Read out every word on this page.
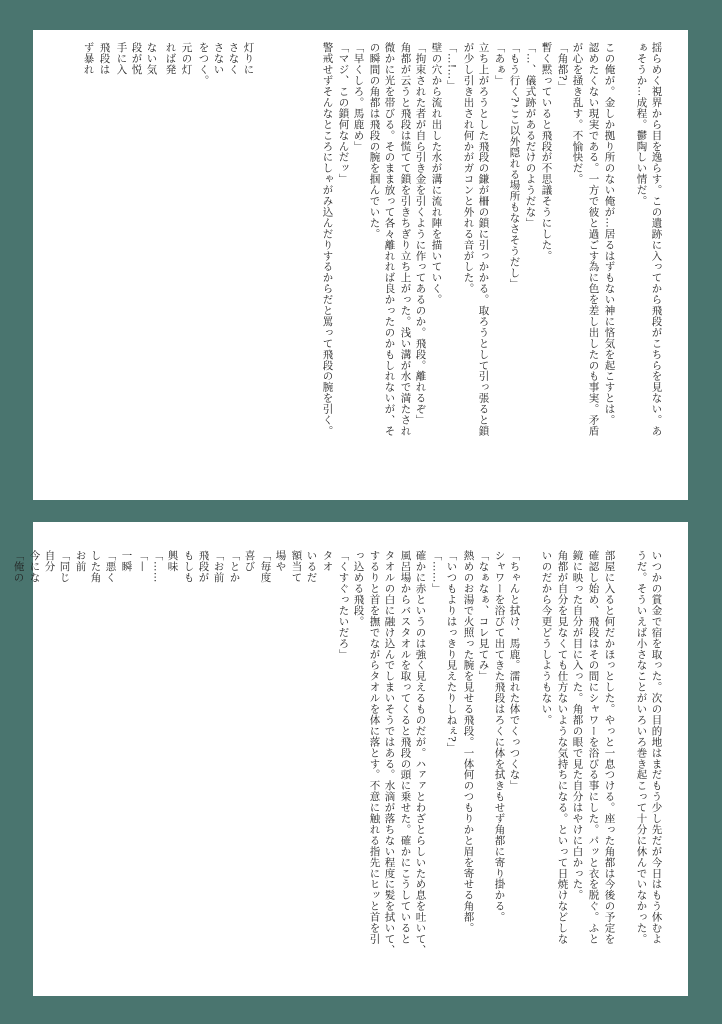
揺らめく視界から目を逸らす。この遺跡に入ってから飛段がこちらを見ない。あ
ぁそうか…成程。鬱陶しい情だ。
この俺が。金しか拠り所のない俺が…居るはずもない神に悋気を起こすとは。
認めたくない現実である。一方で彼と過ごす為に色を差し出したのも事実。矛盾
が心を掻き乱す。不愉快だ。
「角都?」
暫く黙っていると飛段が不思議そうにした。
「…、儀式跡があるだけのようだな」
「もう行く?ここ以外隠れる場所もなさそうだし」
「あぁ」
立ち上がろうとした飛段の鎌が柵の鎖に引っかかる。取ろうとして引っ張ると鎖
が少し引き出され何かがガコンと外れる音がした。
「…!…」
壁の穴から流れ出した水が溝に流れ陣を描いていく。
「拘束された者が自ら引き金を引くように作ってあるのか。飛段。離れるぞ」
角都が云うと飛段は慌てて鎖を引きちぎり立ち上がった。浅い溝が水で満たされ
微かに光を帯びる。そのまま放って各々離れれば良かったのかもしれないが、そ
の瞬間の角都は飛段の腕を掴んでいた。
「早くしろ。馬鹿め」
「マジ、この鎖何なんだッ」
警戒せずそんなところにしゃがみ込んだりするからだと罵って飛段の腕を引く。
灯りに
さなく
さない
をつく。
元の灯
れば発
ない気
段が悦
手に入
飛段は
ず暴れ
いつかの賞金で宿を取った。次の目的地はまだもう少し先だが今日はもう休むよ
うだ。そういえば小さなことがいろいろ巻き起こって十分に休んでいなかった。
部屋に入ると何だかほっとした。やっと一息つける。座った角都は今後の予定を
確認し始め、飛段はその間にシャワーを浴びる事にした。パッと衣を脱ぐ。ふと
鏡に映った自分が目に入った。角都の眼で見た自分はやけに白かった。
角都が自分を見なくても仕方ないような気持ちになる。といって日焼けなどしな
いのだから今更どうしようもない。
「ちゃんと拭け、馬鹿。濡れた体でくっつくな」
シャワーを浴びて出てきた飛段はろくに体を拭きもせず角都に寄り掛かる。
「なぁなぁ、コレ見てみ」
熱めのお湯で火照った腕を見せる飛段。一体何のつもりかと眉を寄せる角都。
「いつもよりはっきり見えたりしねぇ?」
「……」
確かに赤というのは強く見えるものだが。ハァァとわざとらしいため息を吐いて、
風呂場からバスタオルを取ってくると飛段の頭に乗せた。確かにこうしていると
タオルの白に融け込んでしまいそうではある。水滴が落ちない程度に髪を拭いて、
するりと首を撫でながらタオルを体に落とす。不意に触れる指先にヒッと首を引
っ込める飛段。
「くすぐったいだろ」
タオ
いるだ
額当て
場や
「毎度
喜び
「とか
「お前
飛段が
もしも
興味
「……
「—
一瞬
「悪く
した角
お前
「同じ
自分
今にな
「俺の
